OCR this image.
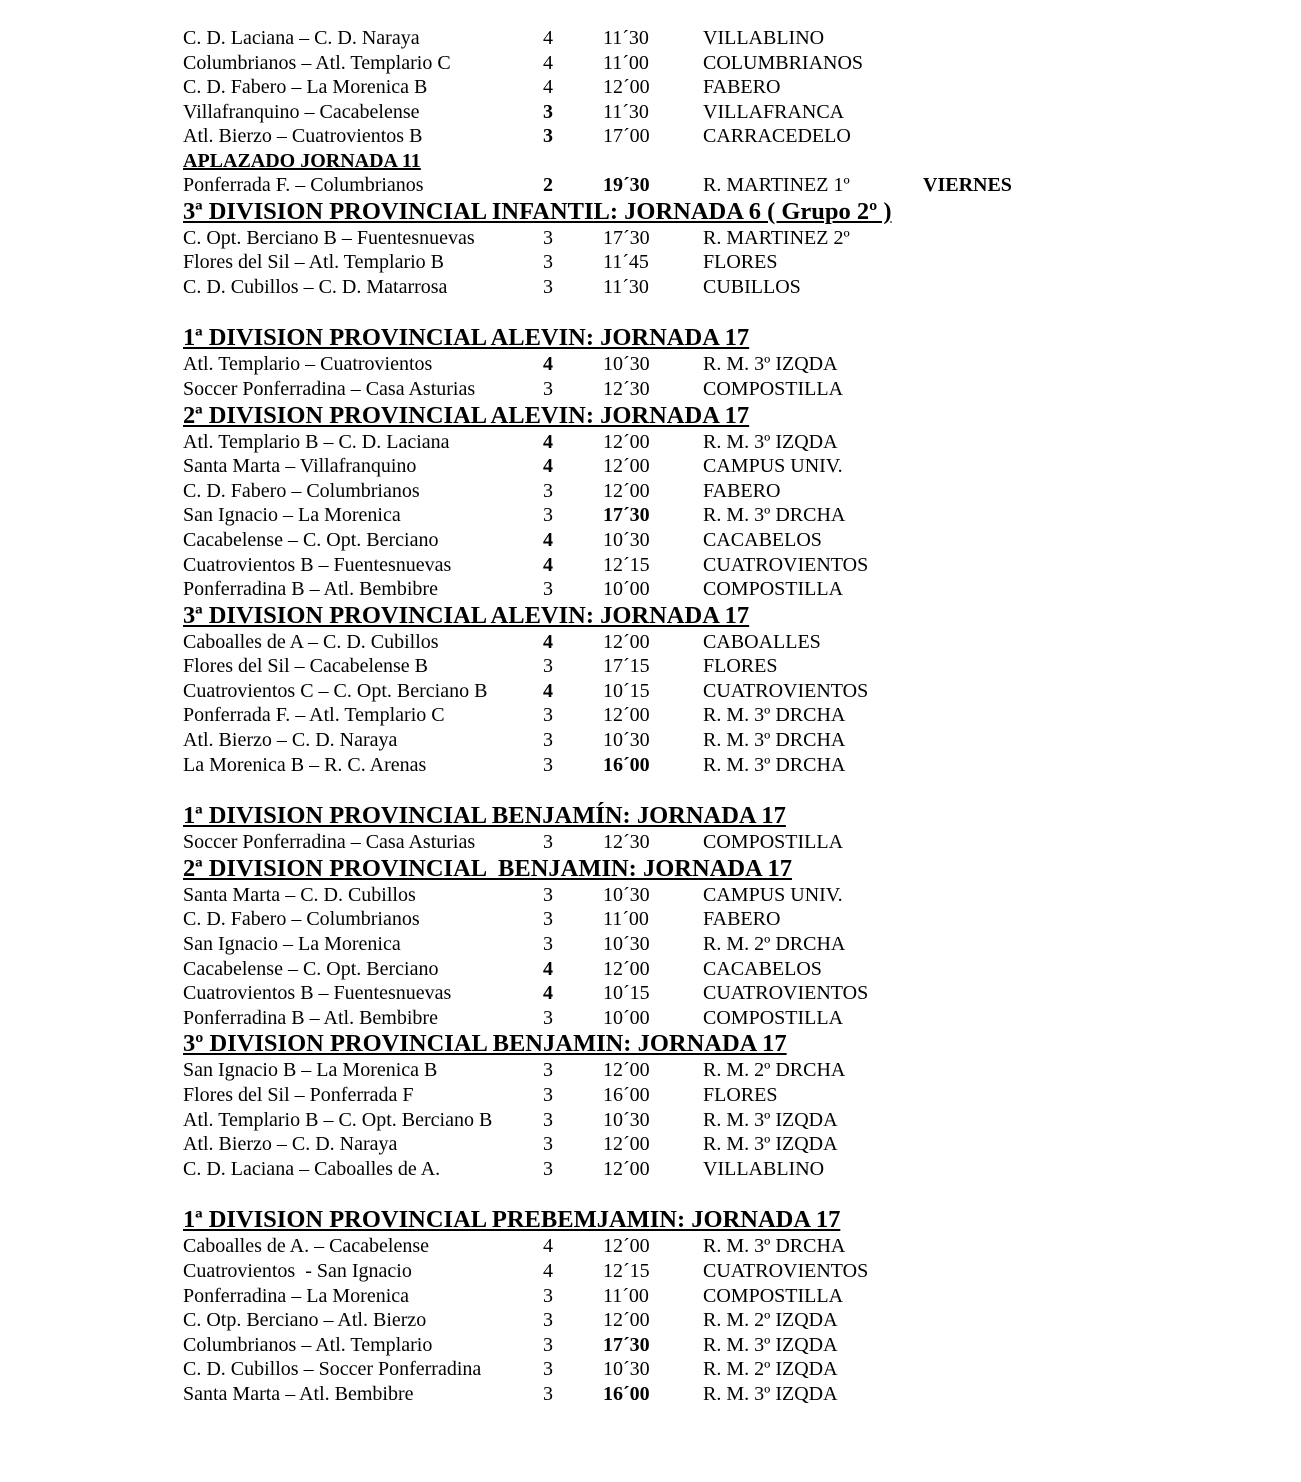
C. D. Laciana – C. D. Naraya	4	11´30	VILLABLINO
Columbrianos – Atl. Templario C	4	11´00	COLUMBRIANOS
C. D. Fabero – La Morenica B	4	12´00	FABERO
Villafranquino – Cacabelense	3	11´30	VILLAFRANCA
Atl. Bierzo – Cuatrovientos B	3	17´00	CARRACEDELO
APLAZADO JORNADA 11
Ponferrada F. – Columbrianos	2	19´30	R. MARTINEZ 1º	VIERNES
3ª DIVISION PROVINCIAL INFANTIL: JORNADA 6 ( Grupo 2º )
C. Opt. Berciano B – Fuentesnuevas	3	17´30	R. MARTINEZ 2º
Flores del Sil – Atl. Templario B	3	11´45	FLORES
C. D. Cubillos – C. D. Matarrosa	3	11´30	CUBILLOS
1ª DIVISION PROVINCIAL ALEVIN: JORNADA 17
Atl. Templario – Cuatrovientos	4	10´30	R. M. 3º IZQDA
Soccer Ponferradina – Casa Asturias	3	12´30	COMPOSTILLA
2ª DIVISION PROVINCIAL ALEVIN: JORNADA 17
Atl. Templario B – C. D. Laciana	4	12´00	R. M. 3º IZQDA
Santa Marta – Villafranquino	4	12´00	CAMPUS UNIV.
C. D. Fabero – Columbrianos	3	12´00	FABERO
San Ignacio – La Morenica	3	17´30	R. M. 3º DRCHA
Cacabelense – C. Opt. Berciano	4	10´30	CACABELOS
Cuatrovientos B – Fuentesnuevas	4	12´15	CUATROVIENTOS
Ponferradina B – Atl. Bembibre	3	10´00	COMPOSTILLA
3ª DIVISION PROVINCIAL ALEVIN: JORNADA 17
Caboalles de A – C. D. Cubillos	4	12´00	CABOALLES
Flores del Sil – Cacabelense B	3	17´15	FLORES
Cuatrovientos C – C. Opt. Berciano B	4	10´15	CUATROVIENTOS
Ponferrada F. – Atl. Templario C	3	12´00	R. M. 3º DRCHA
Atl. Bierzo – C. D. Naraya	3	10´30	R. M. 3º DRCHA
La Morenica B – R. C. Arenas	3	16´00	R. M. 3º DRCHA
1ª DIVISION PROVINCIAL BENJAMÍN: JORNADA 17
Soccer Ponferradina – Casa Asturias	3	12´30	COMPOSTILLA
2ª DIVISION PROVINCIAL  BENJAMIN: JORNADA 17
Santa Marta – C. D. Cubillos	3	10´30	CAMPUS UNIV.
C. D. Fabero – Columbrianos	3	11´00	FABERO
San Ignacio – La Morenica	3	10´30	R. M. 2º DRCHA
Cacabelense – C. Opt. Berciano	4	12´00	CACABELOS
Cuatrovientos B – Fuentesnuevas	4	10´15	CUATROVIENTOS
Ponferradina B – Atl. Bembibre	3	10´00	COMPOSTILLA
3º DIVISION PROVINCIAL BENJAMIN: JORNADA 17
San Ignacio B – La Morenica B	3	12´00	R. M. 2º DRCHA
Flores del Sil – Ponferrada F	3	16´00	FLORES
Atl. Templario B – C. Opt. Berciano B	3	10´30	R. M. 3º IZQDA
Atl. Bierzo – C. D. Naraya	3	12´00	R. M. 3º IZQDA
C. D. Laciana – Caboalles de A.	3	12´00	VILLABLINO
1ª DIVISION PROVINCIAL PREBEMJAMIN: JORNADA 17
Caboalles de A. – Cacabelense	4	12´00	R. M. 3º DRCHA
Cuatrovientos  - San Ignacio	4	12´15	CUATROVIENTOS
Ponferradina – La Morenica	3	11´00	COMPOSTILLA
C. Otp. Berciano – Atl. Bierzo	3	12´00	R. M. 2º IZQDA
Columbrianos – Atl. Templario	3	17´30	R. M. 3º IZQDA
C. D. Cubillos – Soccer Ponferradina	3	10´30	R. M. 2º IZQDA
Santa Marta – Atl. Bembibre	3	16´00	R. M. 3º IZQDA
